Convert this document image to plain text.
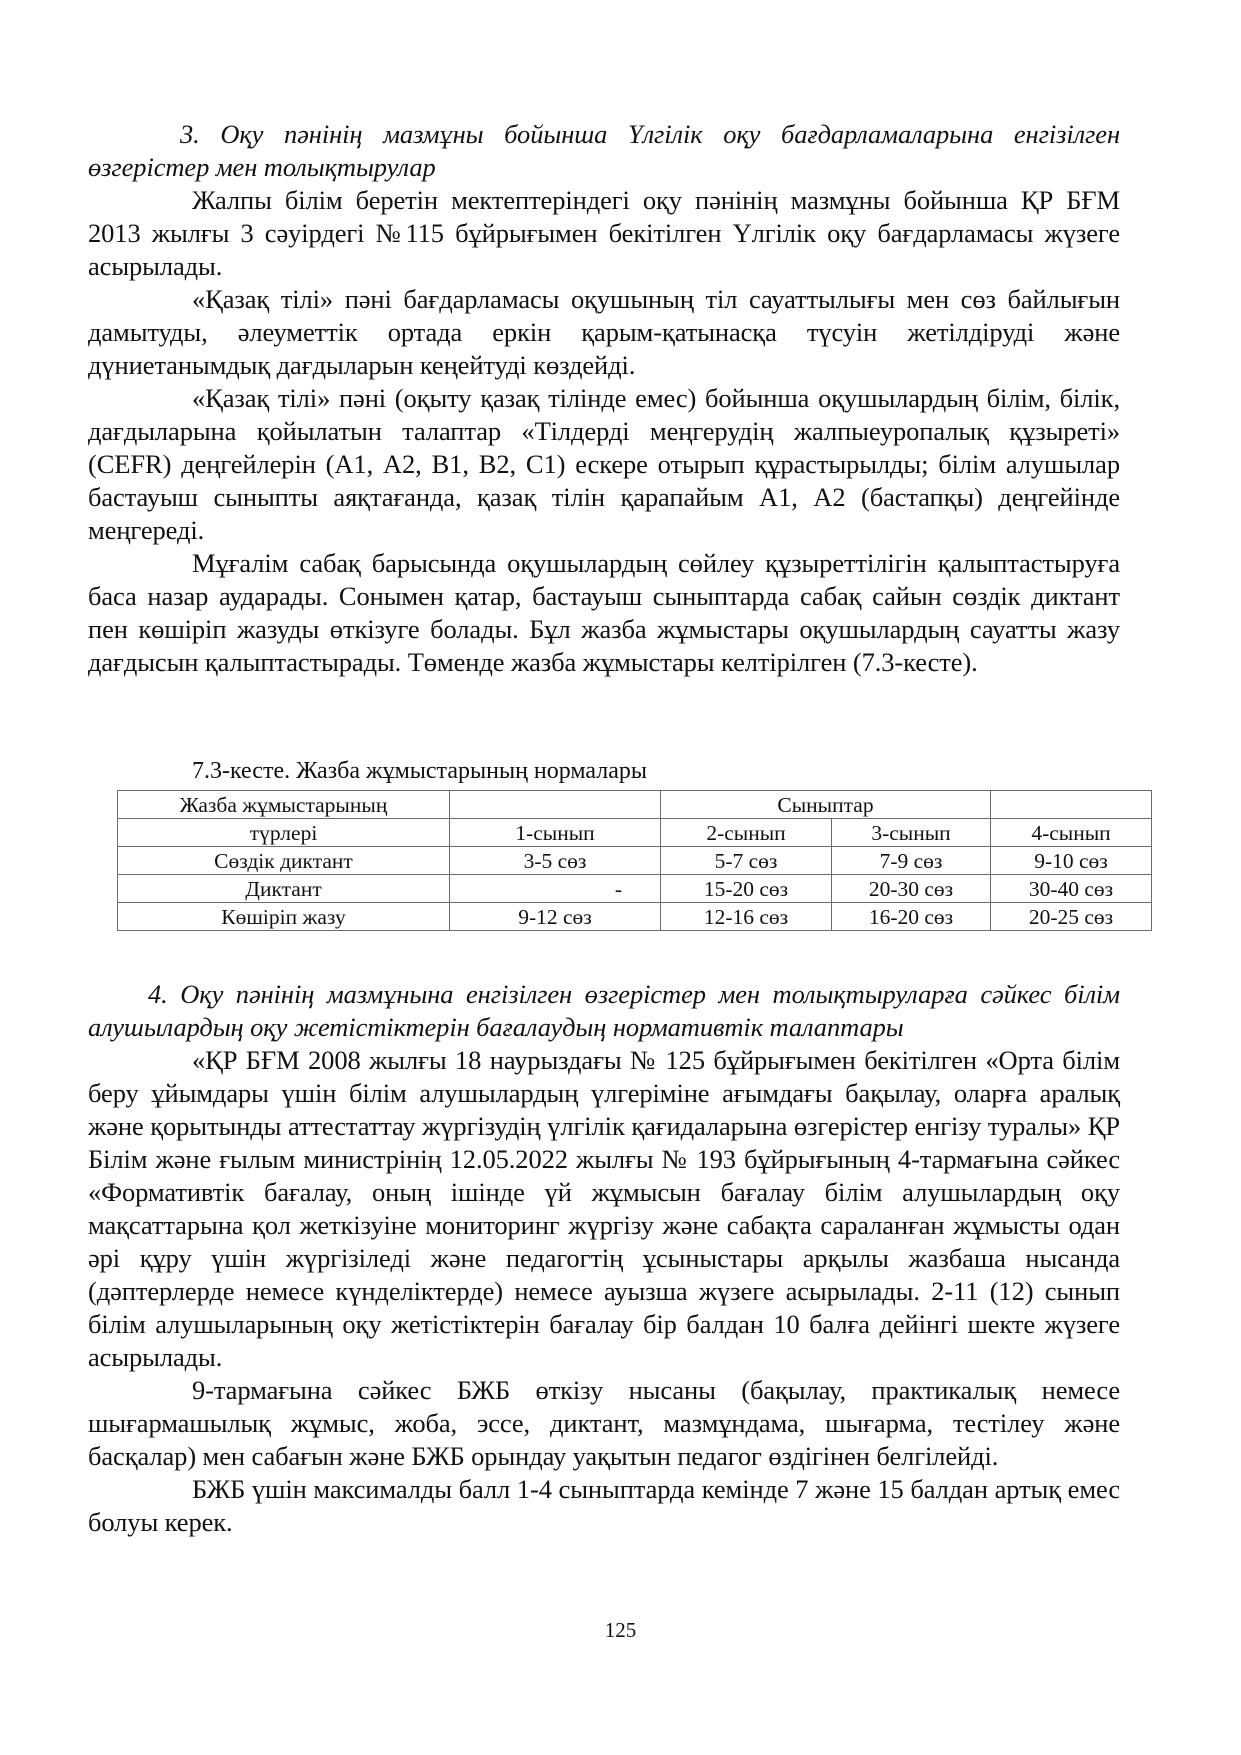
3. Оқу пәнінің мазмұны бойынша Үлгілік оқу бағдарламаларына енгізілген өзгерістер мен толықтырулар

Жалпы білім беретін мектептеріндегі оқу пәнінің мазмұны бойынша ҚР БҒМ 2013 жылғы 3 сәуірдегі №115 бұйрығымен бекітілген Үлгілік оқу бағдарламасы жүзеге асырылады.

«Қазақ тілі» пәні бағдарламасы оқушының тіл сауаттылығы мен сөз байлығын дамытуды, әлеуметтік ортада еркін қарым-қатынасқа түсуін жетілдіруді және дүниетанымдық дағдыларын кеңейтуді көздейді.

«Қазақ тілі» пәні (оқыту қазақ тілінде емес) бойынша оқушылардың білім, білік, дағдыларына қойылатын талаптар «Тілдерді меңгерудің жалпыеуропалық құзыреті» (CEFR) деңгейлерін (А1, А2, В1, В2, С1) ескере отырып құрастырылды; білім алушылар бастауыш сыныпты аяқтағанда, қазақ тілін қарапайым А1, А2 (бастапқы) деңгейінде меңгереді.

Мұғалім сабақ барысында оқушылардың сөйлеу құзыреттілігін қалыптастыруға баса назар аударады. Сонымен қатар, бастауыш сыныптарда сабақ сайын сөздік диктант пен көшіріп жазуды өткізуге болады. Бұл жазба жұмыстары оқушылардың сауатты жазу дағдысын қалыптастырады. Төменде жазба жұмыстары келтірілген (7.3-кесте).

7.3-кесте. Жазба жұмыстарының нормалары

Жазба жұмыстарының		Сыныптар		
түрлері	1-сынып	2-сынып	3-сынып	4-сынып
Сөздік диктант	3-5 сөз	5-7 сөз	7-9 сөз	9-10 сөз
Диктант	-	15-20 сөз	20-30 сөз	30-40 сөз
Көшіріп жазу	9-12 сөз	12-16 сөз	16-20 сөз	20-25 сөз

4. Оқу пәнінің мазмұнына енгізілген өзгерістер мен толықтыруларға сәйкес білім алушылардың оқу жетістіктерін бағалаудың нормативтік талаптары

«ҚР БҒМ 2008 жылғы 18 наурыздағы № 125 бұйрығымен бекітілген «Орта білім беру ұйымдары үшін білім алушылардың үлгеріміне ағымдағы бақылау, оларға аралық және қорытынды аттестаттау жүргізудің үлгілік қағидаларына өзгерістер енгізу туралы» ҚР Білім және ғылым министрінің 12.05.2022 жылғы № 193 бұйрығының 4-тармағына сәйкес «Формативтік бағалау, оның ішінде үй жұмысын бағалау білім алушылардың оқу мақсаттарына қол жеткізуіне мониторинг жүргізу және сабақта сараланған жұмысты одан әрі құру үшін жүргізіледі және педагогтің ұсыныстары арқылы жазбаша нысанда (дәптерлерде немесе күнделіктерде) немесе ауызша жүзеге асырылады. 2-11 (12) сынып білім алушыларының оқу жетістіктерін бағалау бір балдан 10 балға дейінгі шекте жүзеге асырылады.

9-тармағына сәйкес БЖБ өткізу нысаны (бақылау, практикалық немесе шығармашылық жұмыс, жоба, эссе, диктант, мазмұндама, шығарма, тестілеу және басқалар) мен сабағын және БЖБ орындау уақытын педагог өздігінен белгілейді.

БЖБ үшін максималды балл 1-4 сыныптарда кемінде 7 және 15 балдан артық емес болуы керек.

125
